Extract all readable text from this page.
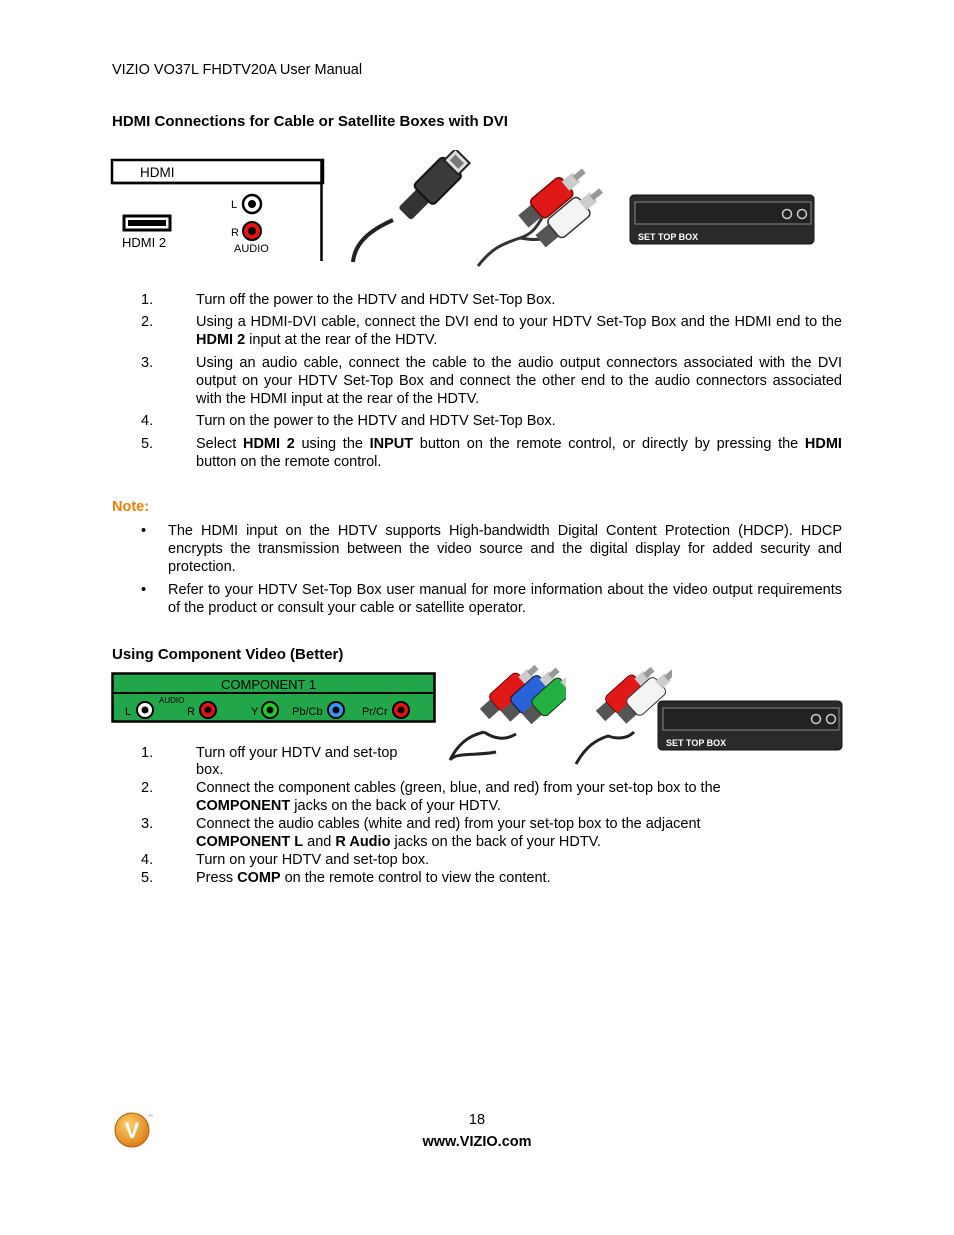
VIZIO VO37L FHDTV20A User Manual
HDMI Connections for Cable or Satellite Boxes with DVI
HDMI
HDMI 2
L
R
AUDIO
SET TOP BOX
1.	Turn off the power to the HDTV and HDTV Set-Top Box.
2.	Using a HDMI-DVI cable, connect the DVI end to your HDTV Set-Top Box and the HDMI end to the HDMI 2 input at the rear of the HDTV.
3.	Using an audio cable, connect the cable to the audio output connectors associated with the DVI output on your HDTV Set-Top Box and connect the other end to the audio connectors associated with the HDMI input at the rear of the HDTV.
4.	Turn on the power to the HDTV and HDTV Set-Top Box.
5.	Select HDMI 2 using the INPUT button on the remote control, or directly by pressing the HDMI button on the remote control.
Note:
• The HDMI input on the HDTV supports High-bandwidth Digital Content Protection (HDCP). HDCP encrypts the transmission between the video source and the digital display for added security and protection.
• Refer to your HDTV Set-Top Box user manual for more information about the video output requirements of the product or consult your cable or satellite operator.
Using Component Video (Better)
COMPONENT 1
AUDIO
L	R	Y	Pb/Cb	Pr/Cr
SET TOP BOX
1.	Turn off your HDTV and set-top box.
2.	Connect the component cables (green, blue, and red) from your set-top box to the COMPONENT jacks on the back of your HDTV.
3.	Connect the audio cables (white and red) from your set-top box to the adjacent COMPONENT L and R Audio jacks on the back of your HDTV.
4.	Turn on your HDTV and set-top box.
5.	Press COMP on the remote control to view the content.
V
™	18
www.VIZIO.com
